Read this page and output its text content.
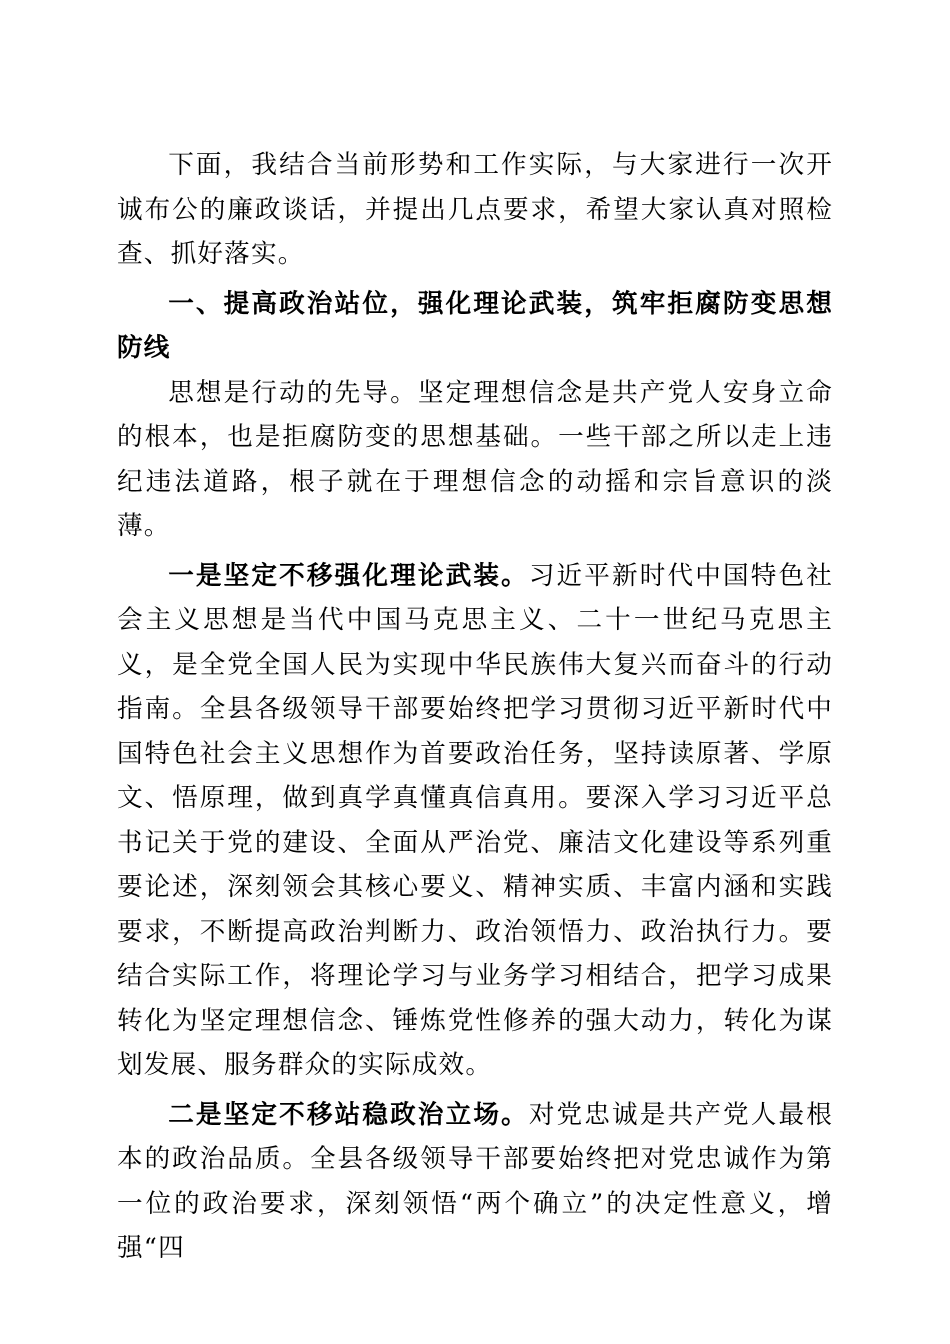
下面，我结合当前形势和工作实际，与大家进行一次开诚布公的廉政谈话，并提出几点要求，希望大家认真对照检查、抓好落实。

一、提高政治站位，强化理论武装，筑牢拒腐防变思想防线

思想是行动的先导。坚定理想信念是共产党人安身立命的根本，也是拒腐防变的思想基础。一些干部之所以走上违纪违法道路，根子就在于理想信念的动摇和宗旨意识的淡薄。

一是坚定不移强化理论武装。习近平新时代中国特色社会主义思想是当代中国马克思主义、二十一世纪马克思主义，是全党全国人民为实现中华民族伟大复兴而奋斗的行动指南。全县各级领导干部要始终把学习贯彻习近平新时代中国特色社会主义思想作为首要政治任务，坚持读原著、学原文、悟原理，做到真学真懂真信真用。要深入学习习近平总书记关于党的建设、全面从严治党、廉洁文化建设等系列重要论述，深刻领会其核心要义、精神实质、丰富内涵和实践要求，不断提高政治判断力、政治领悟力、政治执行力。要结合实际工作，将理论学习与业务学习相结合，把学习成果转化为坚定理想信念、锤炼党性修养的强大动力，转化为谋划发展、服务群众的实际成效。

二是坚定不移站稳政治立场。对党忠诚是共产党人最根本的政治品质。全县各级领导干部要始终把对党忠诚作为第一位的政治要求，深刻领悟“两个确立”的决定性意义，增强“四
